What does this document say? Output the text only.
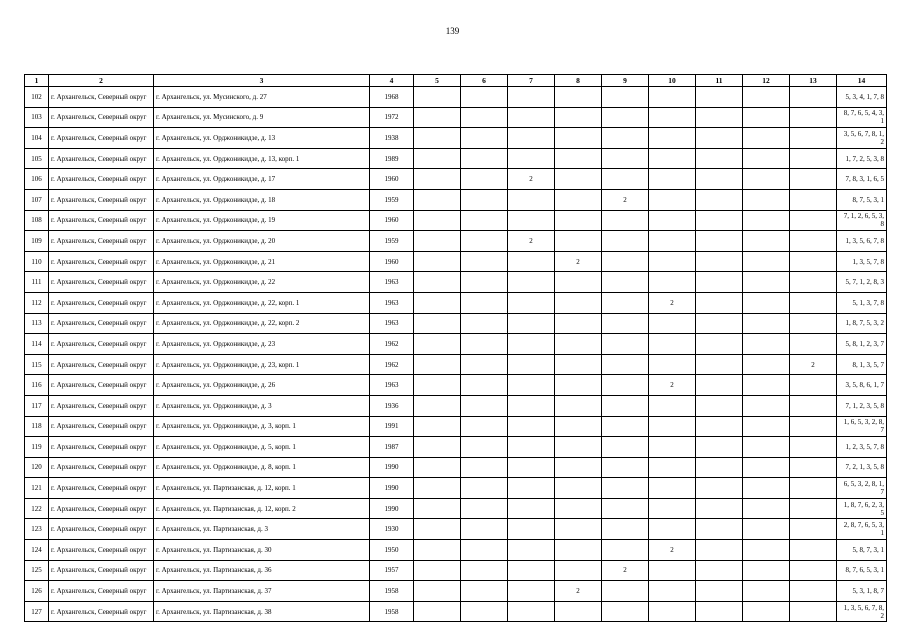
139
1	2	3	4	5	6	7	8	9	10	11	12	13	14
102	г. Архангельск, Северный округ	г. Архангельск, ул. Мусинского, д. 27	1968										5, 3, 4, 1, 7, 8
103	г. Архангельск, Северный округ	г. Архангельск, ул. Мусинского, д. 9	1972										8, 7, 6, 5, 4, 3, 1
104	г. Архангельск, Северный округ	г. Архангельск, ул. Орджоникидзе, д. 13	1938										3, 5, 6, 7, 8, 1, 2
105	г. Архангельск, Северный округ	г. Архангельск, ул. Орджоникидзе, д. 13, корп. 1	1989										1, 7, 2, 5, 3, 8
106	г. Архангельск, Северный округ	г. Архангельск, ул. Орджоникидзе, д. 17	1960			2							7, 8, 3, 1, 6, 5
107	г. Архангельск, Северный округ	г. Архангельск, ул. Орджоникидзе, д. 18	1959					2					8, 7, 5, 3, 1
108	г. Архангельск, Северный округ	г. Архангельск, ул. Орджоникидзе, д. 19	1960										7, 1, 2, 6, 5, 3, 8
109	г. Архангельск, Северный округ	г. Архангельск, ул. Орджоникидзе, д. 20	1959			2							1, 3, 5, 6, 7, 8
110	г. Архангельск, Северный округ	г. Архангельск, ул. Орджоникидзе, д. 21	1960				2						1, 3, 5, 7, 8
111	г. Архангельск, Северный округ	г. Архангельск, ул. Орджоникидзе, д. 22	1963										5, 7, 1, 2, 8, 3
112	г. Архангельск, Северный округ	г. Архангельск, ул. Орджоникидзе, д. 22, корп. 1	1963						2				5, 1, 3, 7, 8
113	г. Архангельск, Северный округ	г. Архангельск, ул. Орджоникидзе, д. 22, корп. 2	1963										1, 8, 7, 5, 3, 2
114	г. Архангельск, Северный округ	г. Архангельск, ул. Орджоникидзе, д. 23	1962										5, 8, 1, 2, 3, 7
115	г. Архангельск, Северный округ	г. Архангельск, ул. Орджоникидзе, д. 23, корп. 1	1962									2	8, 1, 3, 5, 7
116	г. Архангельск, Северный округ	г. Архангельск, ул. Орджоникидзе, д. 26	1963						2				3, 5, 8, 6, 1, 7
117	г. Архангельск, Северный округ	г. Архангельск, ул. Орджоникидзе, д. 3	1936										7, 1, 2, 3, 5, 8
118	г. Архангельск, Северный округ	г. Архангельск, ул. Орджоникидзе, д. 3, корп. 1	1991										1, 6, 5, 3, 2, 8, 7
119	г. Архангельск, Северный округ	г. Архангельск, ул. Орджоникидзе, д. 5, корп. 1	1987										1, 2, 3, 5, 7, 8
120	г. Архангельск, Северный округ	г. Архангельск, ул. Орджоникидзе, д. 8, корп. 1	1990										7, 2, 1, 3, 5, 8
121	г. Архангельск, Северный округ	г. Архангельск, ул. Партизанская, д. 12, корп. 1	1990										6, 5, 3, 2, 8, 1, 7
122	г. Архангельск, Северный округ	г. Архангельск, ул. Партизанская, д. 12, корп. 2	1990										1, 8, 7, 6, 2, 3, 5
123	г. Архангельск, Северный округ	г. Архангельск, ул. Партизанская, д. 3	1930										2, 8, 7, 6, 5, 3, 1
124	г. Архангельск, Северный округ	г. Архангельск, ул. Партизанская, д. 30	1950						2				5, 8, 7, 3, 1
125	г. Архангельск, Северный округ	г. Архангельск, ул. Партизанская, д. 36	1957					2					8, 7, 6, 5, 3, 1
126	г. Архангельск, Северный округ	г. Архангельск, ул. Партизанская, д. 37	1958				2						5, 3, 1, 8, 7
127	г. Архангельск, Северный округ	г. Архангельск, ул. Партизанская, д. 38	1958										1, 3, 5, 6, 7, 8, 2
